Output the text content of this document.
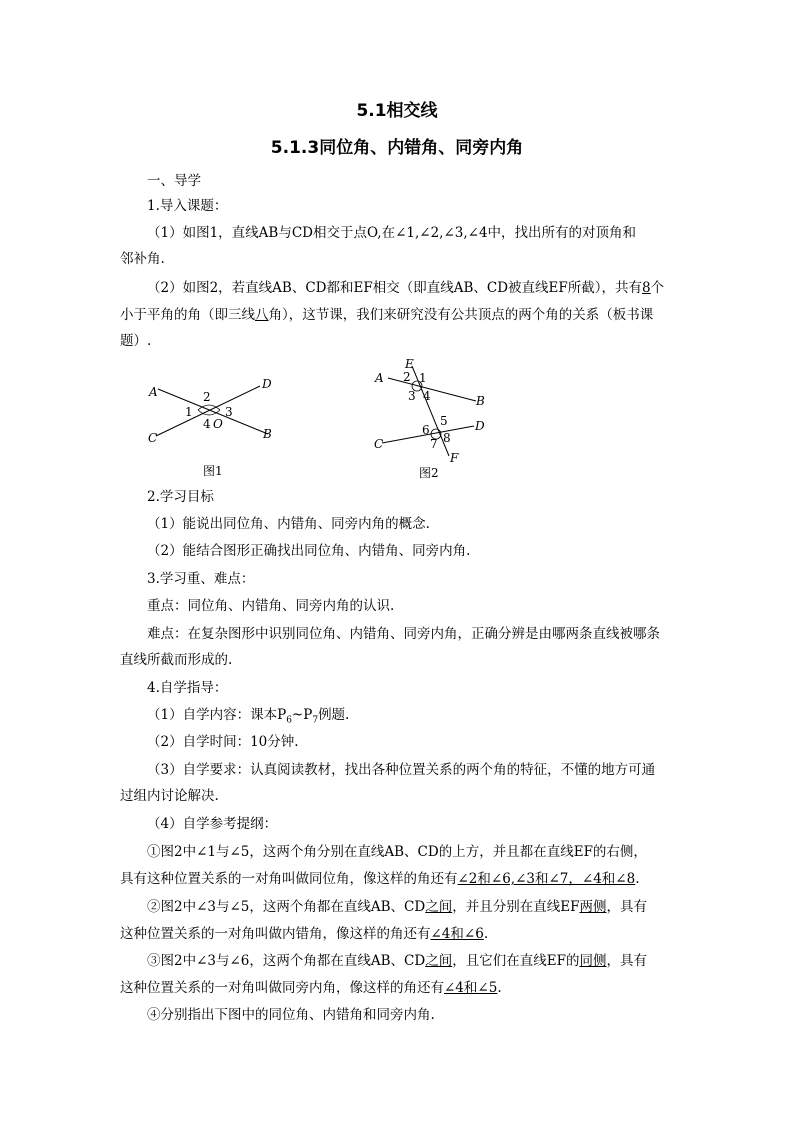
5.1相交线
5.1.3同位角、内错角、同旁内角
一、导学
1.导入课题：
（1）如图1，直线AB与CD相交于点O,在∠1,∠2,∠3,∠4中，找出所有的对顶角和
邻补角.
（2）如图2，若直线AB、CD都和EF相交（即直线AB、CD被直线EF所截），共有8个
小于平角的角（即三线八角），这节课，我们来研究没有公共顶点的两个角的关系（板书课
题）.
A
D
C	B
2
1	3
4 O
图1
E
A 2 1
3 4	B
5 D
6
8
C	7
F
图2
2.学习目标
（1）能说出同位角、内错角、同旁内角的概念.
（2）能结合图形正确找出同位角、内错角、同旁内角.
3.学习重、难点：
重点：同位角、内错角、同旁内角的认识.
难点：在复杂图形中识别同位角、内错角、同旁内角，正确分辨是由哪两条直线被哪条
直线所截而形成的.
4.自学指导：
（1）自学内容：课本$P_6\sim P_7$例题.
（2）自学时间：10分钟.
（3）自学要求：认真阅读教材，找出各种位置关系的两个角的特征，不懂的地方可通
过组内讨论解决.
（4）自学参考提纲：
①图2中∠1与∠5，这两个角分别在直线AB、CD的上方，并且都在直线EF的右侧，
具有这种位置关系的一对角叫做同位角，像这样的角还有∠2和∠6,∠3和∠7，∠4和∠8.
②图2中∠3与∠5，这两个角都在直线AB、CD之间，并且分别在直线EF两侧，具有
这种位置关系的一对角叫做内错角，像这样的角还有∠4和∠6.
③图2中∠3与∠6，这两个角都在直线AB、CD之间，且它们在直线EF的同侧，具有
这种位置关系的一对角叫做同旁内角，像这样的角还有∠4和∠5.
④分别指出下图中的同位角、内错角和同旁内角.
